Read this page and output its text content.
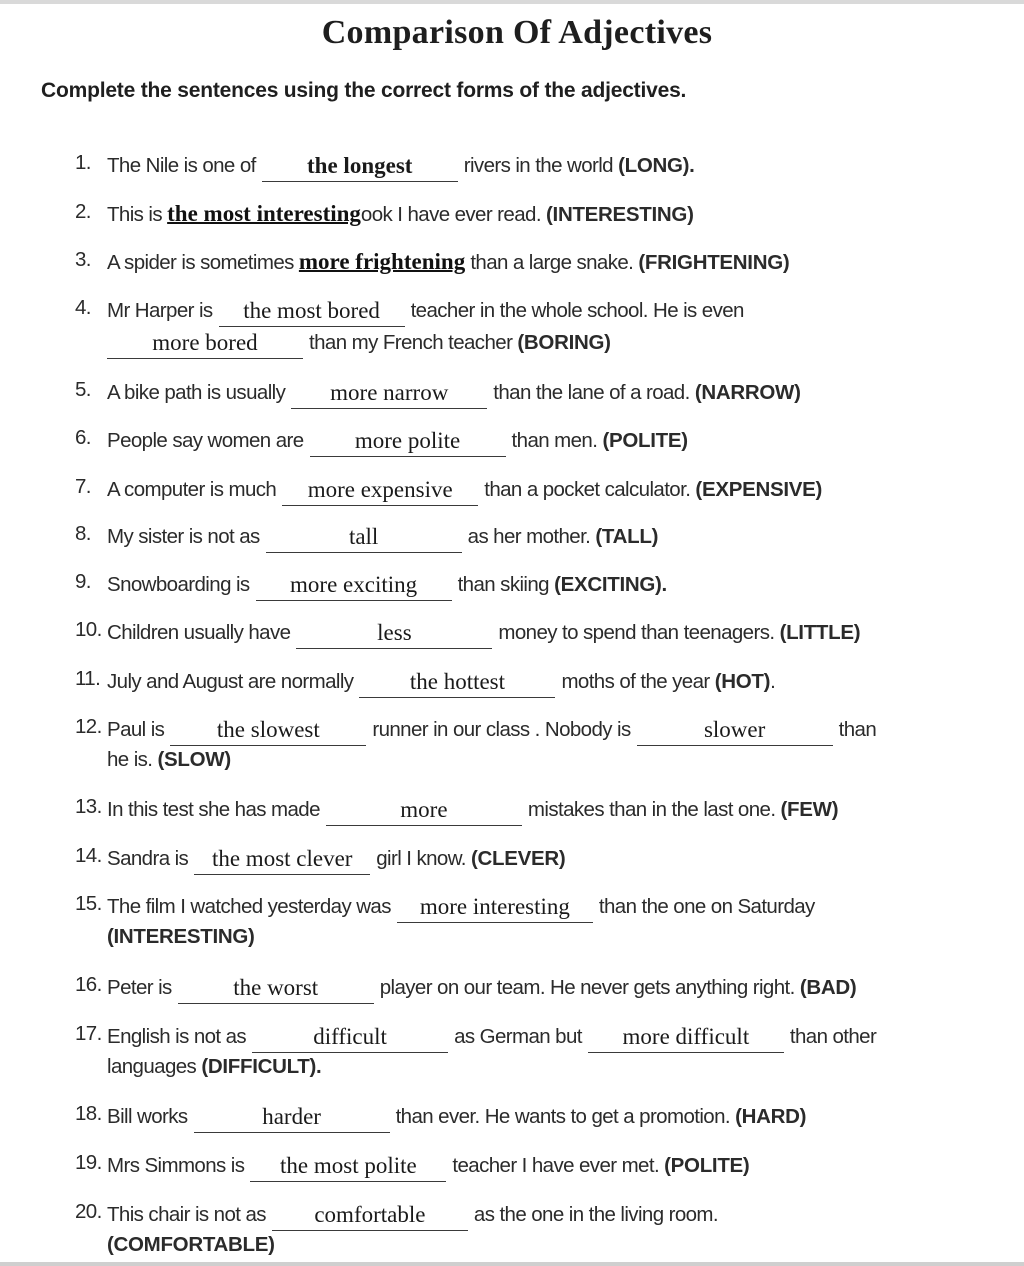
Comparison Of Adjectives
Complete the sentences using the correct forms of the adjectives.
1. The Nile is one of the longest	rivers in the world (LONG).
2. This is the most interestingook I have ever read. (INTERESTING)
3. A spider is sometimes more frightening than a large snake. (FRIGHTENING)
4. Mr Harper is the most bored teacher in the whole school. He is even
more bored	than my French teacher (BORING)
5. A bike path is usually more narrow than the lane of a road. (NARROW)
6. People say women are more polite	than men. (POLITE)
7. A computer is much more expensive than a pocket calculator. (EXPENSIVE)
8. My sister is not as	tall	as her mother. (TALL)
9. Snowboarding is more exciting than skiing (EXCITING).
10. Children usually have	less	money to spend than teenagers. (LITTLE)
11. July and August are normally the hottest	moths of the year (HOT).
12. Paul is the slowest	runner in our class . Nobody is	slower	than
he is. (SLOW)
13. In this test she has made	more	mistakes than in the last one. (FEW)
14. Sandra is the most clever girl I know. (CLEVER)
15. The film I watched yesterday was more interesting than the one on Saturday
(INTERESTING)
16. Peter is	the worst	player on our team. He never gets anything right. (BAD)
17. English is not as	difficult	as German but more difficult than other
languages (DIFFICULT).
18. Bill works	harder	than ever. He wants to get a promotion. (HARD)
19. Mrs Simmons is the most polite teacher I have ever met. (POLITE)
20. This chair is not as comfortable as the one in the living room.
(COMFORTABLE)
